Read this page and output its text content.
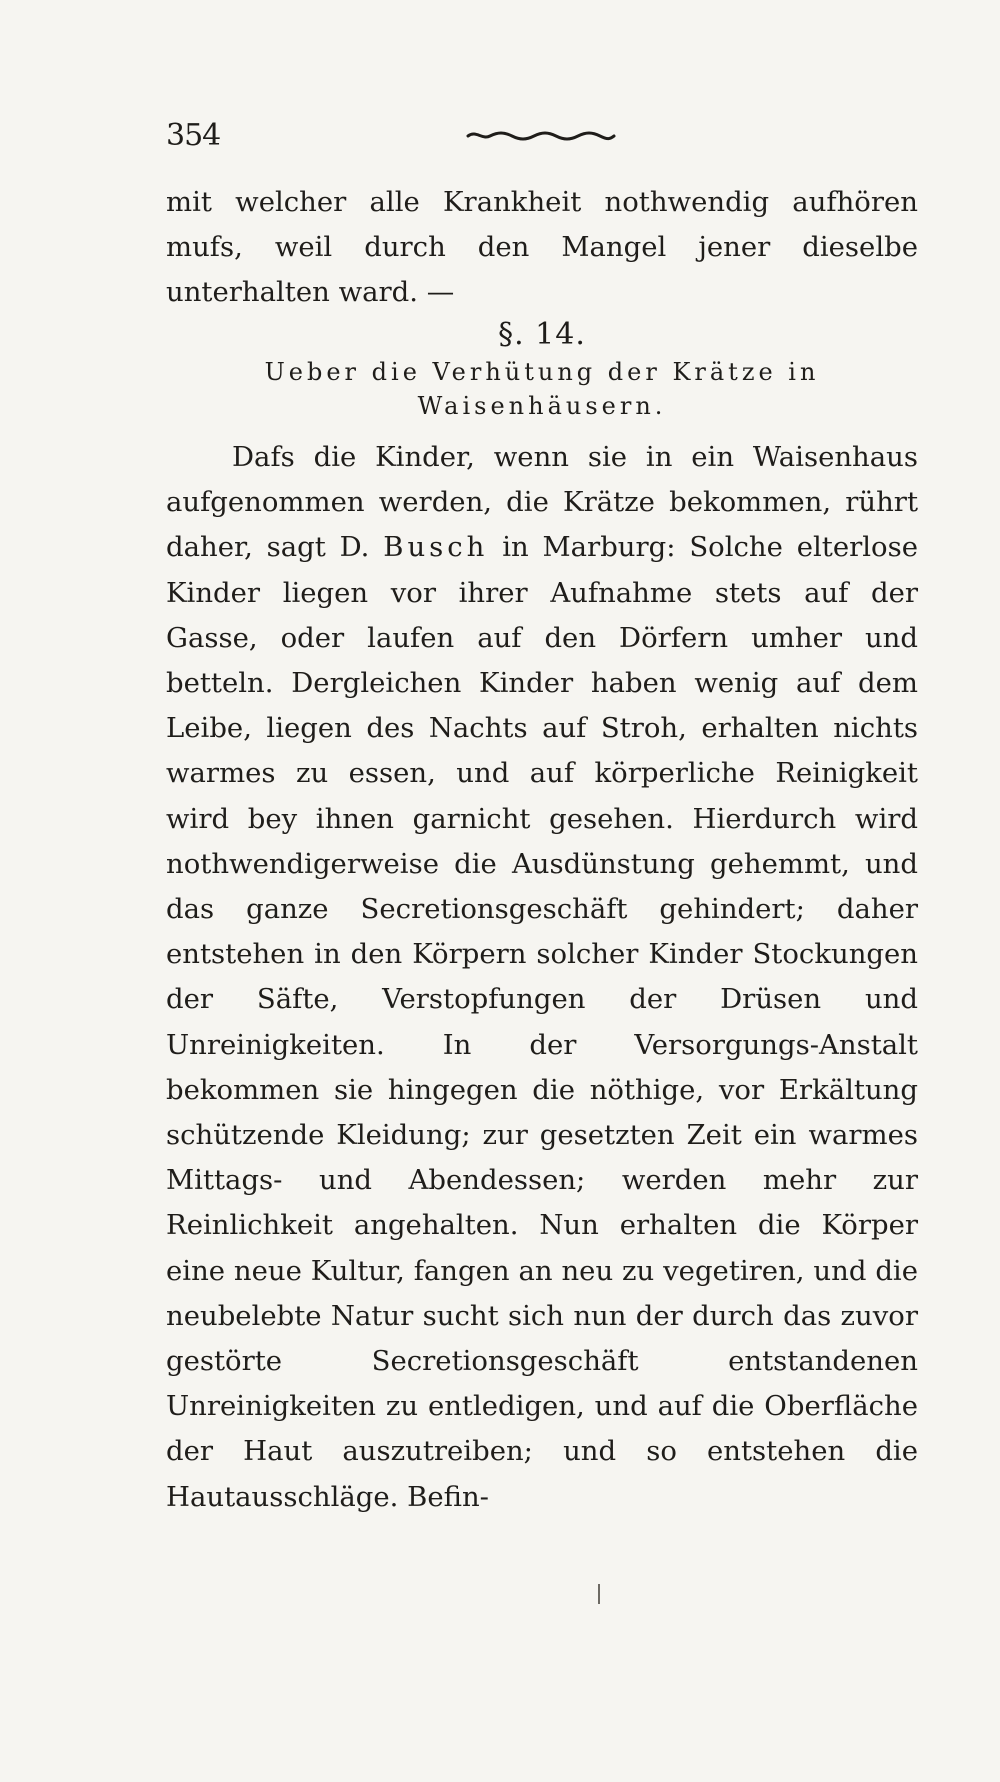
354

mit welcher alle Krankheit nothwendig aufhören mufs, weil durch den Mangel jener dieselbe unterhalten ward. —

§. 14.

Ueber die Verhütung der Krätze in Waisenhäusern.

Dafs die Kinder, wenn sie in ein Waisenhaus aufgenommen werden, die Krätze bekommen, rührt daher, sagt D. Busch in Marburg: Solche elterlose Kinder liegen vor ihrer Aufnahme stets auf der Gasse, oder laufen auf den Dörfern umher und betteln. Dergleichen Kinder haben wenig auf dem Leibe, liegen des Nachts auf Stroh, erhalten nichts warmes zu essen, und auf körperliche Reinigkeit wird bey ihnen garnicht gesehen. Hierdurch wird nothwendigerweise die Ausdünstung gehemmt, und das ganze Secretionsgeschäft gehindert; daher entstehen in den Körpern solcher Kinder Stockungen der Säfte, Verstopfungen der Drüsen und Unreinigkeiten. In der Versorgungs-Anstalt bekommen sie hingegen die nöthige, vor Erkältung schützende Kleidung; zur gesetzten Zeit ein warmes Mittags- und Abendessen; werden mehr zur Reinlichkeit angehalten. Nun erhalten die Körper eine neue Kultur, fangen an neu zu vegetiren, und die neubelebte Natur sucht sich nun der durch das zuvor gestörte Secretionsgeschäft entstandenen Unreinigkeiten zu entledigen, und auf die Oberfläche der Haut auszutreiben; und so entstehen die Hautausschläge. Befin-
